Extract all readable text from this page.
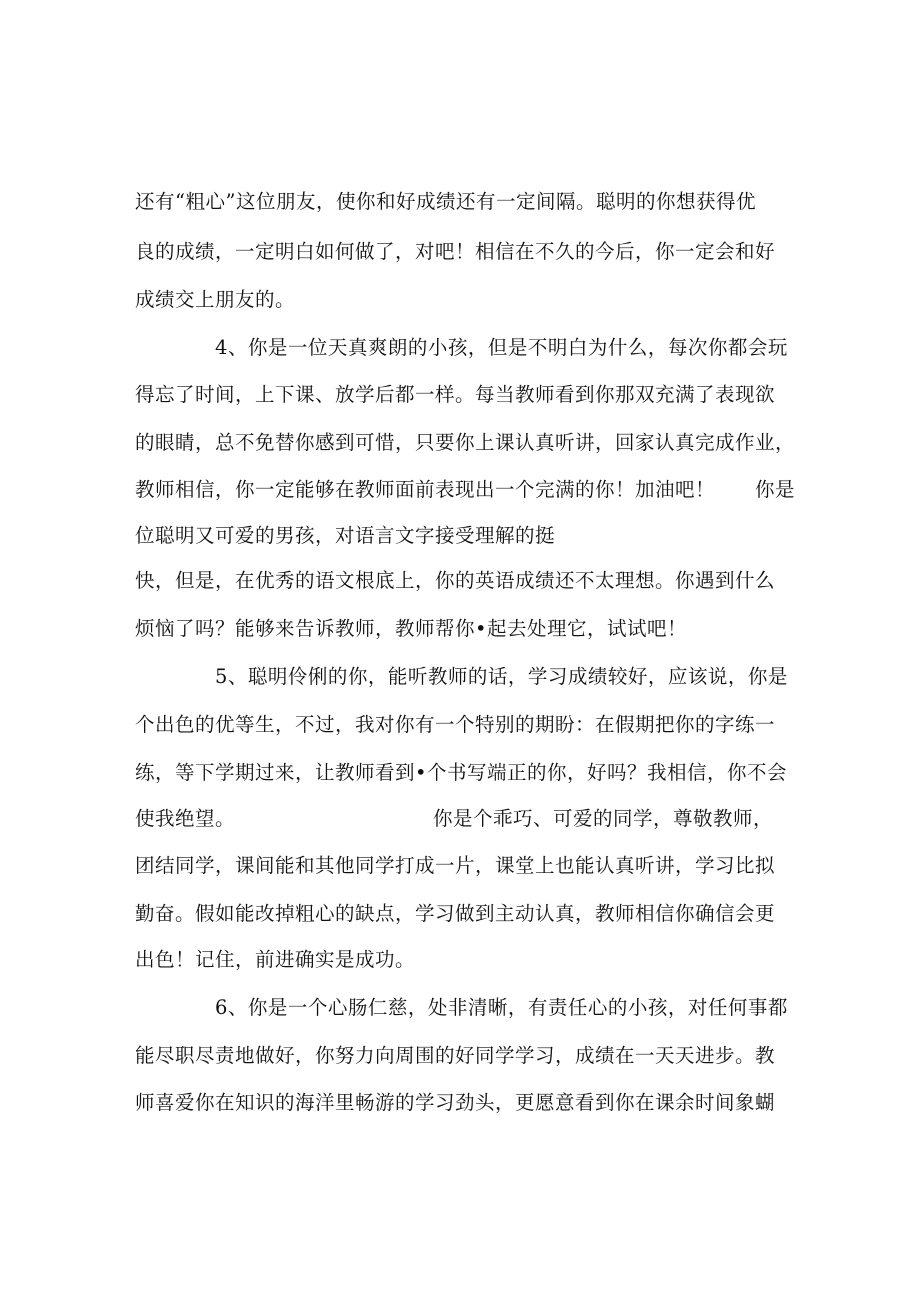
还有“粗心”这位朋友，使你和好成绩还有一定间隔。聪明的你想获得优
良的成绩，一定明白如何做了，对吧！相信在不久的今后，你一定会和好
成绩交上朋友的。
4、你是一位天真爽朗的小孩，但是不明白为什么，每次你都会玩
得忘了时间，上下课、放学后都一样。每当教师看到你那双充满了表现欲
的眼睛，总不免替你感到可惜，只要你上课认真听讲，回家认真完成作业，
教师相信，你一定能够在教师面前表现出一个完满的你！加油吧！ 你是
位聪明又可爱的男孩，对语言文字接受理解的挺
快，但是，在优秀的语文根底上，你的英语成绩还不太理想。你遇到什么
烦恼了吗？能够来告诉教师，教师帮你•起去处理它，试试吧！
5、聪明伶俐的你，能听教师的话，学习成绩较好，应该说，你是
个出色的优等生，不过，我对你有一个特别的期盼：在假期把你的字练一
练，等下学期过来，让教师看到•个书写端正的你，好吗？我相信，你不会
使我绝望。	你是个乖巧、可爱的同学，尊敬教师，
团结同学，课间能和其他同学打成一片，课堂上也能认真听讲，学习比拟
勤奋。假如能改掉粗心的缺点，学习做到主动认真，教师相信你确信会更
出色！记住，前进确实是成功。
6、你是一个心肠仁慈，处非清晰，有责任心的小孩，对任何事都
能尽职尽责地做好，你努力向周围的好同学学习，成绩在一天天进步。教
师喜爱你在知识的海洋里畅游的学习劲头，更愿意看到你在课余时间象蝴
